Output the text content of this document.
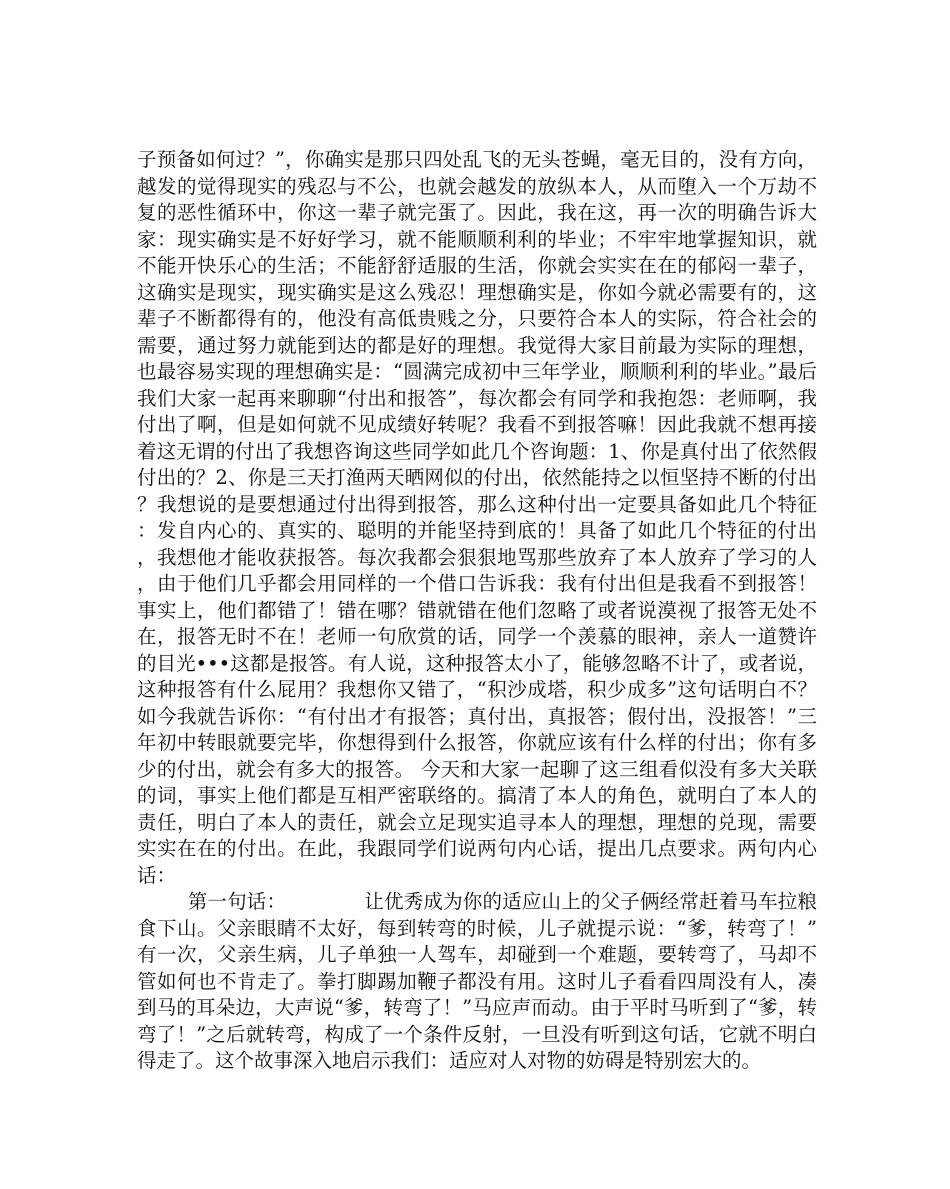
子预备如何过？”，你确实是那只四处乱飞的无头苍蝇，毫无目的，没有方向，越发的觉得现实的残忍与不公，也就会越发的放纵本人，从而堕入一个万劫不复的恶性循环中，你这一辈子就完蛋了。因此，我在这，再一次的明确告诉大家：现实确实是不好好学习，就不能顺顺利利的毕业；不牢牢地掌握知识，就不能开快乐心的生活；不能舒舒适服的生活，你就会实实在在的郁闷一辈子，这确实是现实，现实确实是这么残忍！理想确实是，你如今就必需要有的，这辈子不断都得有的，他没有高低贵贱之分，只要符合本人的实际，符合社会的需要，通过努力就能到达的都是好的理想。我觉得大家目前最为实际的理想，也最容易实现的理想确实是：“圆满完成初中三年学业，顺顺利利的毕业。”最后我们大家一起再来聊聊“付出和报答”，每次都会有同学和我抱怨：老师啊，我付出了啊，但是如何就不见成绩好转呢？我看不到报答嘛！因此我就不想再接着这无谓的付出了我想咨询这些同学如此几个咨询题：1、你是真付出了依然假付出的？2、你是三天打渔两天晒网似的付出，依然能持之以恒坚持不断的付出？我想说的是要想通过付出得到报答，那么这种付出一定要具备如此几个特征：发自内心的、真实的、聪明的并能坚持到底的！具备了如此几个特征的付出，我想他才能收获报答。每次我都会狠狠地骂那些放弃了本人放弃了学习的人，由于他们几乎都会用同样的一个借口告诉我：我有付出但是我看不到报答！事实上，他们都错了！错在哪？错就错在他们忽略了或者说漠视了报答无处不在，报答无时不在！老师一句欣赏的话，同学一个羡慕的眼神，亲人一道赞许的目光•••这都是报答。有人说，这种报答太小了，能够忽略不计了，或者说，这种报答有什么屁用？我想你又错了，“积沙成塔，积少成多”这句话明白不？如今我就告诉你：“有付出才有报答；真付出，真报答；假付出，没报答！”三年初中转眼就要完毕，你想得到什么报答，你就应该有什么样的付出；你有多少的付出，就会有多大的报答。 今天和大家一起聊了这三组看似没有多大关联的词，事实上他们都是互相严密联络的。搞清了本人的角色，就明白了本人的责任，明白了本人的责任，就会立足现实追寻本人的理想，理想的兑现，需要实实在在的付出。在此，我跟同学们说两句内心话，提出几点要求。两句内心话：

第一句话：	让优秀成为你的适应山上的父子俩经常赶着马车拉粮食下山。父亲眼睛不太好，每到转弯的时候，儿子就提示说：“爹，转弯了！”有一次，父亲生病，儿子单独一人驾车，却碰到一个难题，要转弯了，马却不管如何也不肯走了。拳打脚踢加鞭子都没有用。这时儿子看看四周没有人，凑到马的耳朵边，大声说“爹，转弯了！”马应声而动。由于平时马听到了“爹，转弯了！”之后就转弯，构成了一个条件反射，一旦没有听到这句话，它就不明白得走了。这个故事深入地启示我们：适应对人对物的妨碍是特别宏大的。
